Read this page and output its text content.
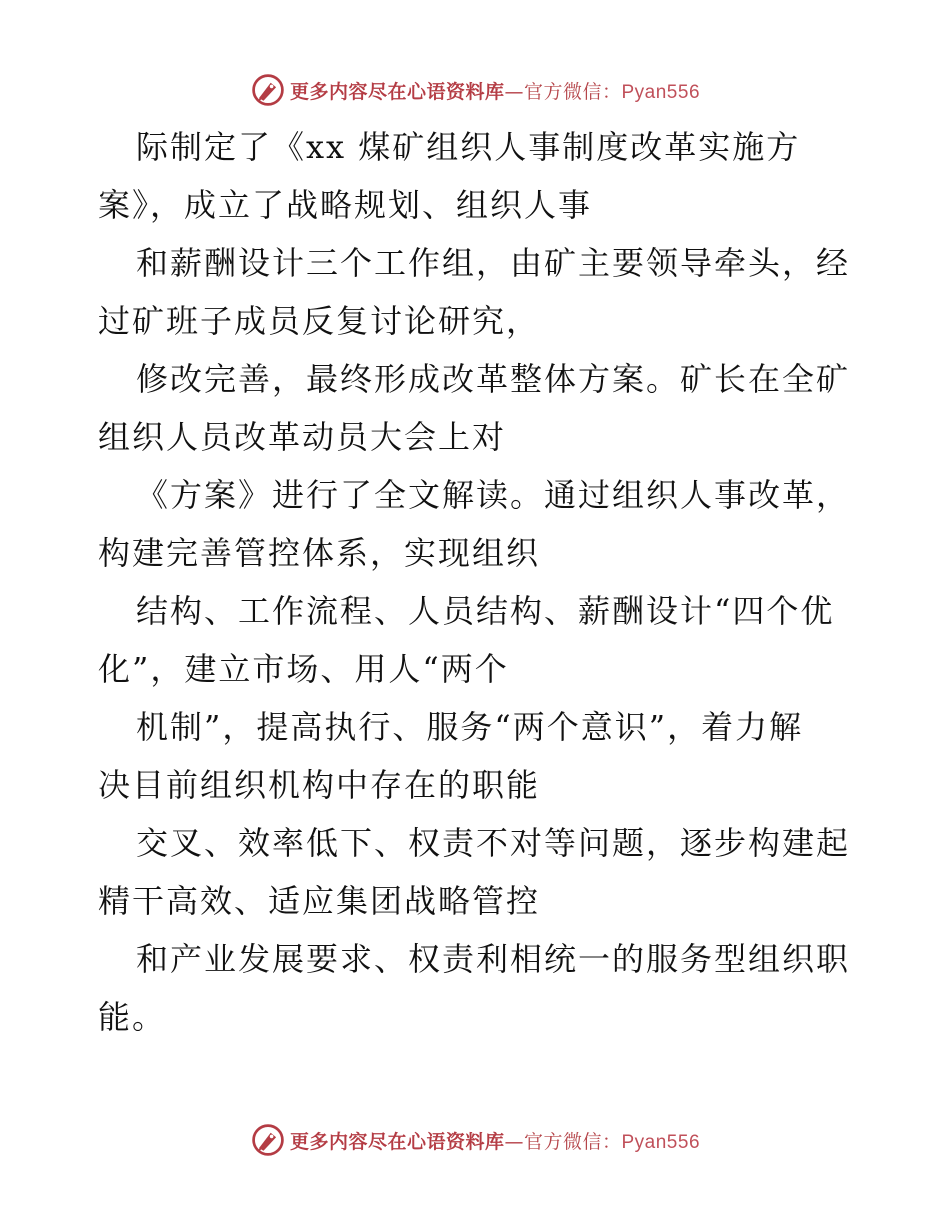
更多内容尽在心语资料库—官方微信：Pyan556

际制定了《xx 煤矿组织人事制度改革实施方
案》，成立了战略规划、组织人事

和薪酬设计三个工作组，由矿主要领导牵头，经
过矿班子成员反复讨论研究，

修改完善，最终形成改革整体方案。矿长在全矿
组织人员改革动员大会上对

《方案》进行了全文解读。通过组织人事改革，
构建完善管控体系，实现组织

结构、工作流程、人员结构、薪酬设计“四个优
化”，建立市场、用人“两个

机制”，提高执行、服务“两个意识”，着力解
决目前组织机构中存在的职能

交叉、效率低下、权责不对等问题，逐步构建起
精干高效、适应集团战略管控

和产业发展要求、权责利相统一的服务型组织职
能。

更多内容尽在心语资料库—官方微信：Pyan556
